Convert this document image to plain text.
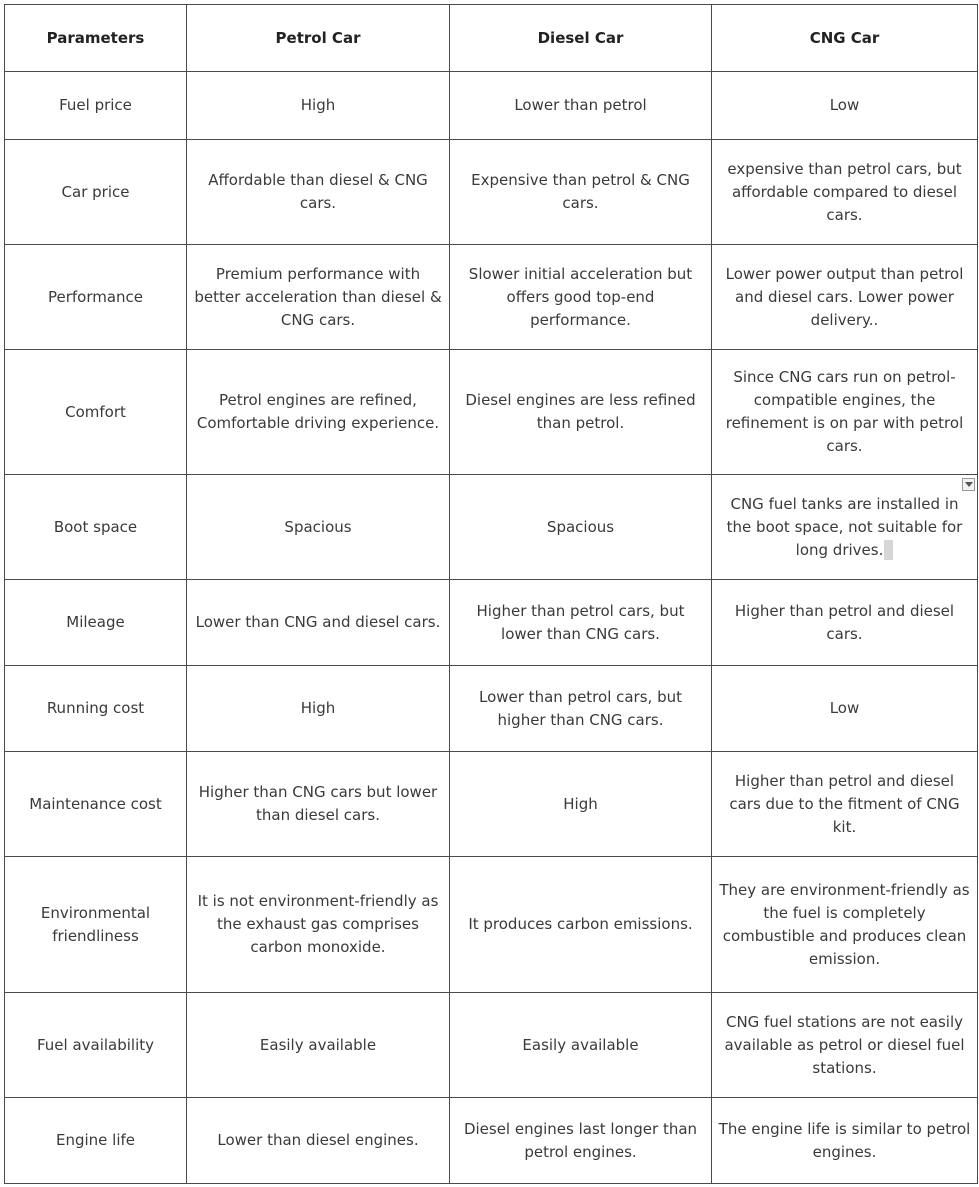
Parameters	Petrol Car	Diesel Car	CNG Car
Fuel price	High	Lower than petrol	Low
Car price	Affordable than diesel & CNG cars.	Expensive than petrol & CNG cars.	expensive than petrol cars, but affordable compared to diesel cars.
Performance	Premium performance with better acceleration than diesel & CNG cars.	Slower initial acceleration but offers good top-end performance.	Lower power output than petrol and diesel cars. Lower power delivery..
Comfort	Petrol engines are refined, Comfortable driving experience.	Diesel engines are less refined than petrol.	Since CNG cars run on petrol-compatible engines, the refinement is on par with petrol cars.
Boot space	Spacious	Spacious	CNG fuel tanks are installed in the boot space, not suitable for long drives.
Mileage	Lower than CNG and diesel cars.	Higher than petrol cars, but lower than CNG cars.	Higher than petrol and diesel cars.
Running cost	High	Lower than petrol cars, but higher than CNG cars.	Low
Maintenance cost	Higher than CNG cars but lower than diesel cars.	High	Higher than petrol and diesel cars due to the fitment of CNG kit.
Environmental friendliness	It is not environment-friendly as the exhaust gas comprises carbon monoxide.	It produces carbon emissions.	They are environment-friendly as the fuel is completely combustible and produces clean emission.
Fuel availability	Easily available	Easily available	CNG fuel stations are not easily available as petrol or diesel fuel stations.
Engine life	Lower than diesel engines.	Diesel engines last longer than petrol engines.	The engine life is similar to petrol engines.
